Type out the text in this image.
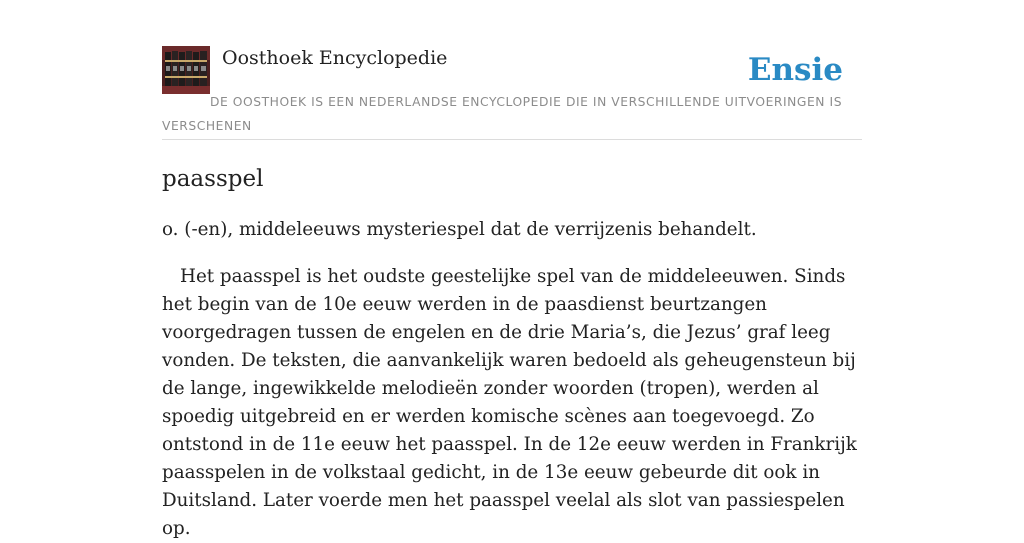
Oosthoek Encyclopedie	Ensie
DE OOSTHOEK IS EEN NEDERLANDSE ENCYCLOPEDIE DIE IN VERSCHILLENDE UITVOERINGEN IS VERSCHENEN
paasspel

o. (-en), middeleeuws mysteriespel dat de verrijzenis behandelt.

Het paasspel is het oudste geestelijke spel van de middeleeuwen. Sinds het begin van de 10e eeuw werden in de paasdienst beurtzangen voorgedragen tussen de engelen en de drie Maria’s, die Jezus’ graf leeg vonden. De teksten, die aanvankelijk waren bedoeld als geheugensteun bij de lange, ingewikkelde melodieën zonder woorden (tropen), werden al spoedig uitgebreid en er werden komische scènes aan toegevoegd. Zo ontstond in de 11e eeuw het paasspel. In de 12e eeuw werden in Frankrijk paasspelen in de volkstaal gedicht, in de 13e eeuw gebeurde dit ook in Duitsland. Later voerde men het paasspel veelal als slot van passiespelen op.
